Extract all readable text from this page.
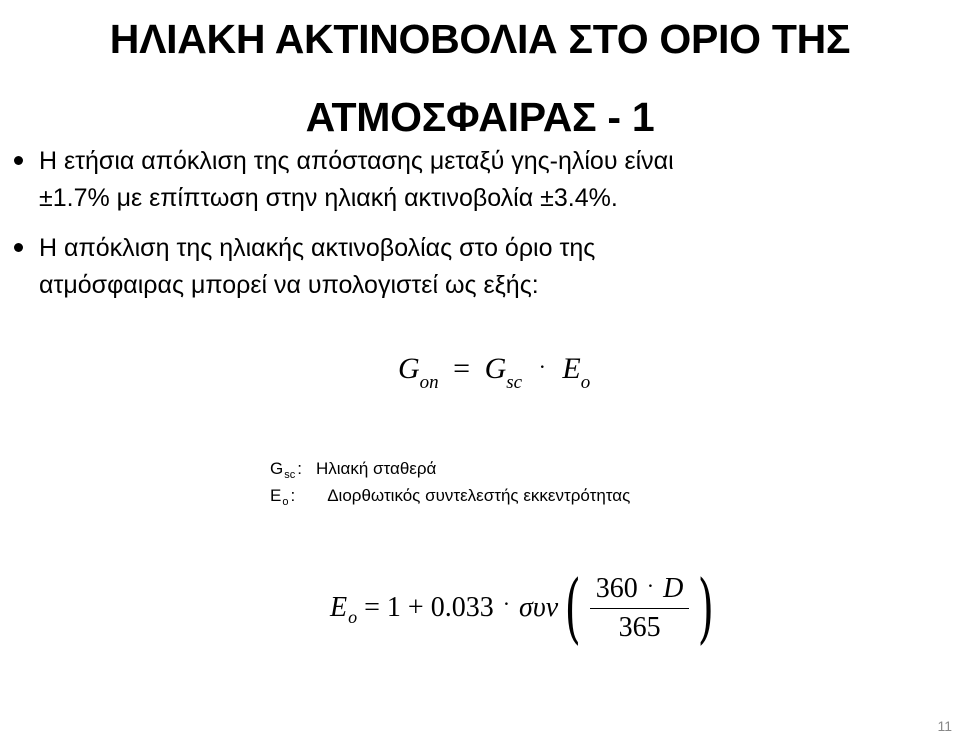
ΗΛΙΑΚΗ ΑΚΤΙΝΟΒΟΛΙΑ ΣΤΟ ΟΡΙΟ ΤΗΣ
ΑΤΜΟΣΦΑΙΡΑΣ - 1
Η ετήσια απόκλιση της απόστασης μεταξύ γης-ηλίου είναι
±1.7% με επίπτωση στην ηλιακή ακτινοβολία ±3.4%.
Η απόκλιση της ηλιακής ακτινοβολίας στο όριο της
ατμόσφαιρας μπορεί να υπολογιστεί ως εξής:
$G_{on} = G_{sc} \cdot E_o$
$G_{sc}$ : Ηλιακή σταθερά
$E_o$ : Διορθωτικός συντελεστής εκκεντρότητας
E o = 1 + 0.033 · συν ( $\frac{360 \cdot D}{365}$ )
11
